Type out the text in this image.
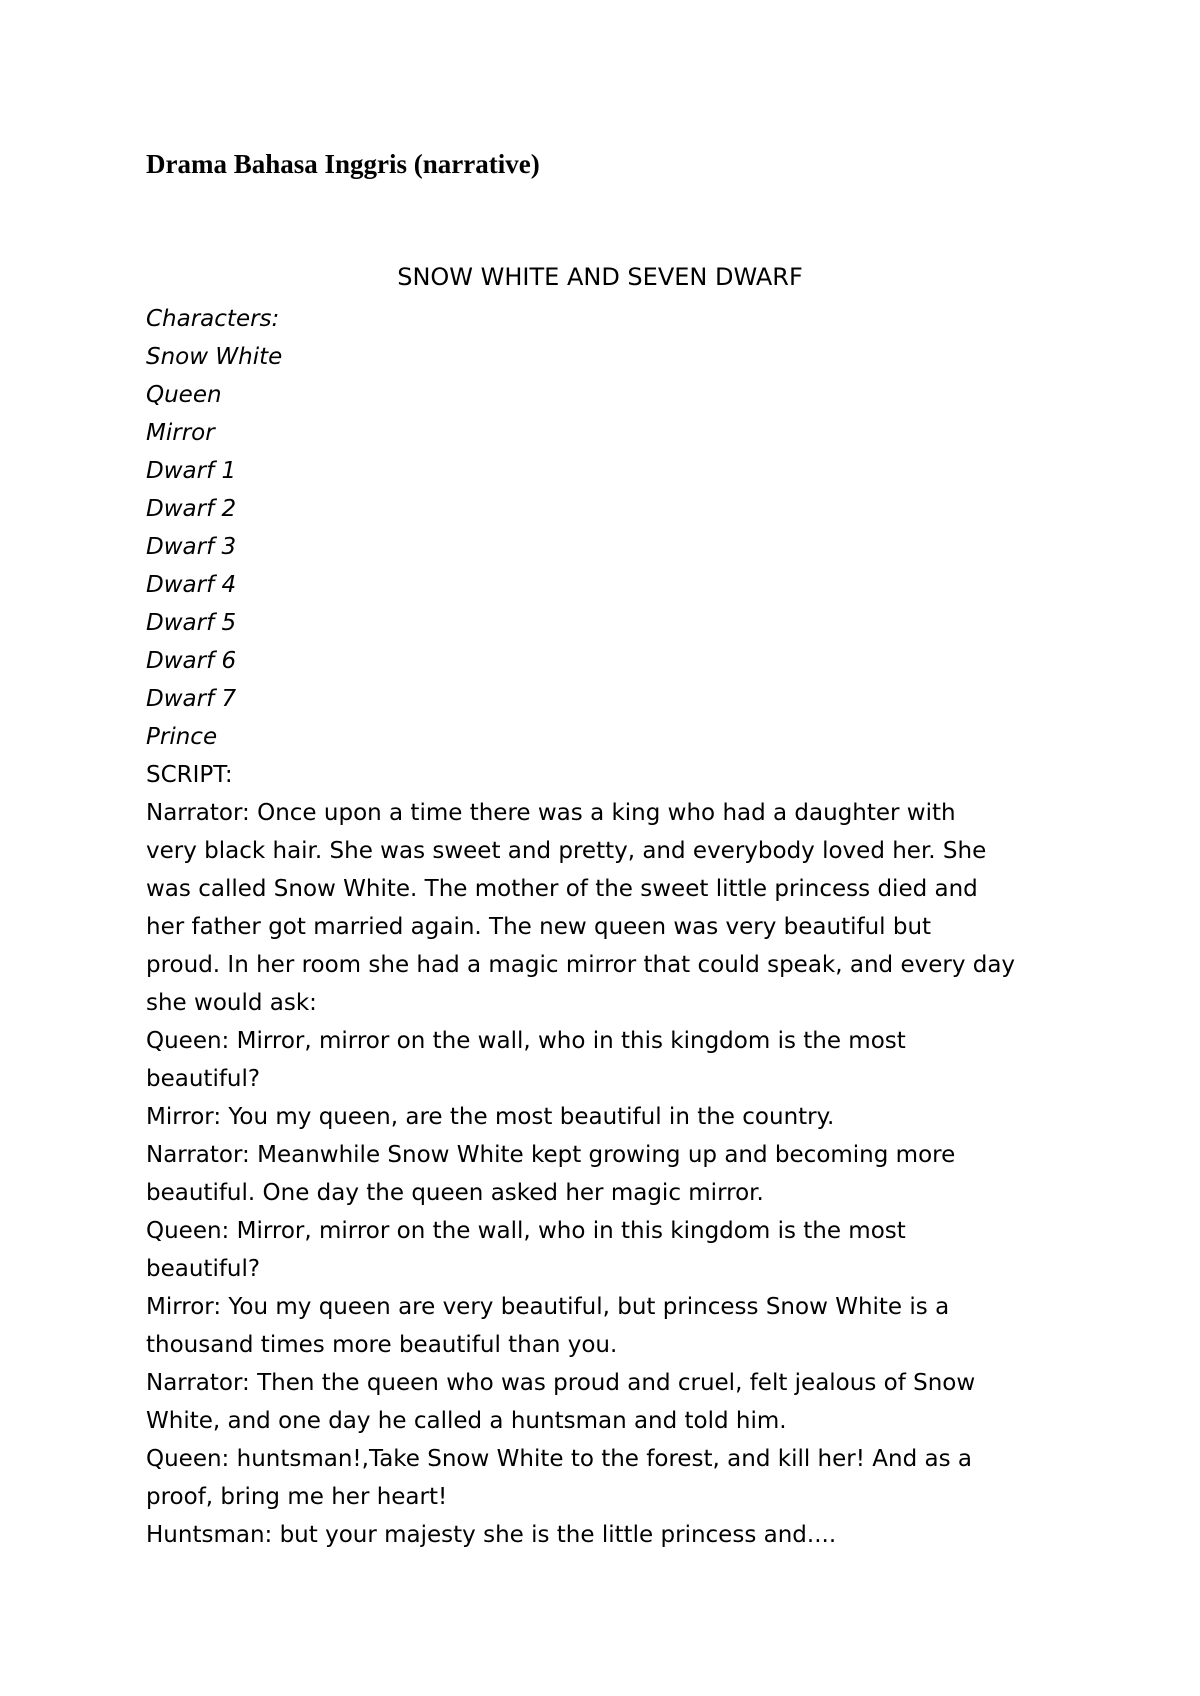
Drama Bahasa Inggris (narrative)
SNOW WHITE AND SEVEN DWARF
Characters:
Snow White
Queen
Mirror
Dwarf 1
Dwarf 2
Dwarf 3
Dwarf 4
Dwarf 5
Dwarf 6
Dwarf 7
Prince
SCRIPT:
Narrator: Once upon a time there was a king who had a daughter with
very black hair. She was sweet and pretty, and everybody loved her. She
was called Snow White. The mother of the sweet little princess died and
her father got married again. The new queen was very beautiful but
proud. In her room she had a magic mirror that could speak, and every day
she would ask:
Queen: Mirror, mirror on the wall, who in this kingdom is the most
beautiful?
Mirror: You my queen, are the most beautiful in the country.
Narrator: Meanwhile Snow White kept growing up and becoming more
beautiful. One day the queen asked her magic mirror.
Queen: Mirror, mirror on the wall, who in this kingdom is the most
beautiful?
Mirror: You my queen are very beautiful, but princess Snow White is a
thousand times more beautiful than you.
Narrator: Then the queen who was proud and cruel, felt jealous of Snow
White, and one day he called a huntsman and told him.
Queen: huntsman!,Take Snow White to the forest, and kill her! And as a
proof, bring me her heart!
Huntsman: but your majesty she is the little princess and....
